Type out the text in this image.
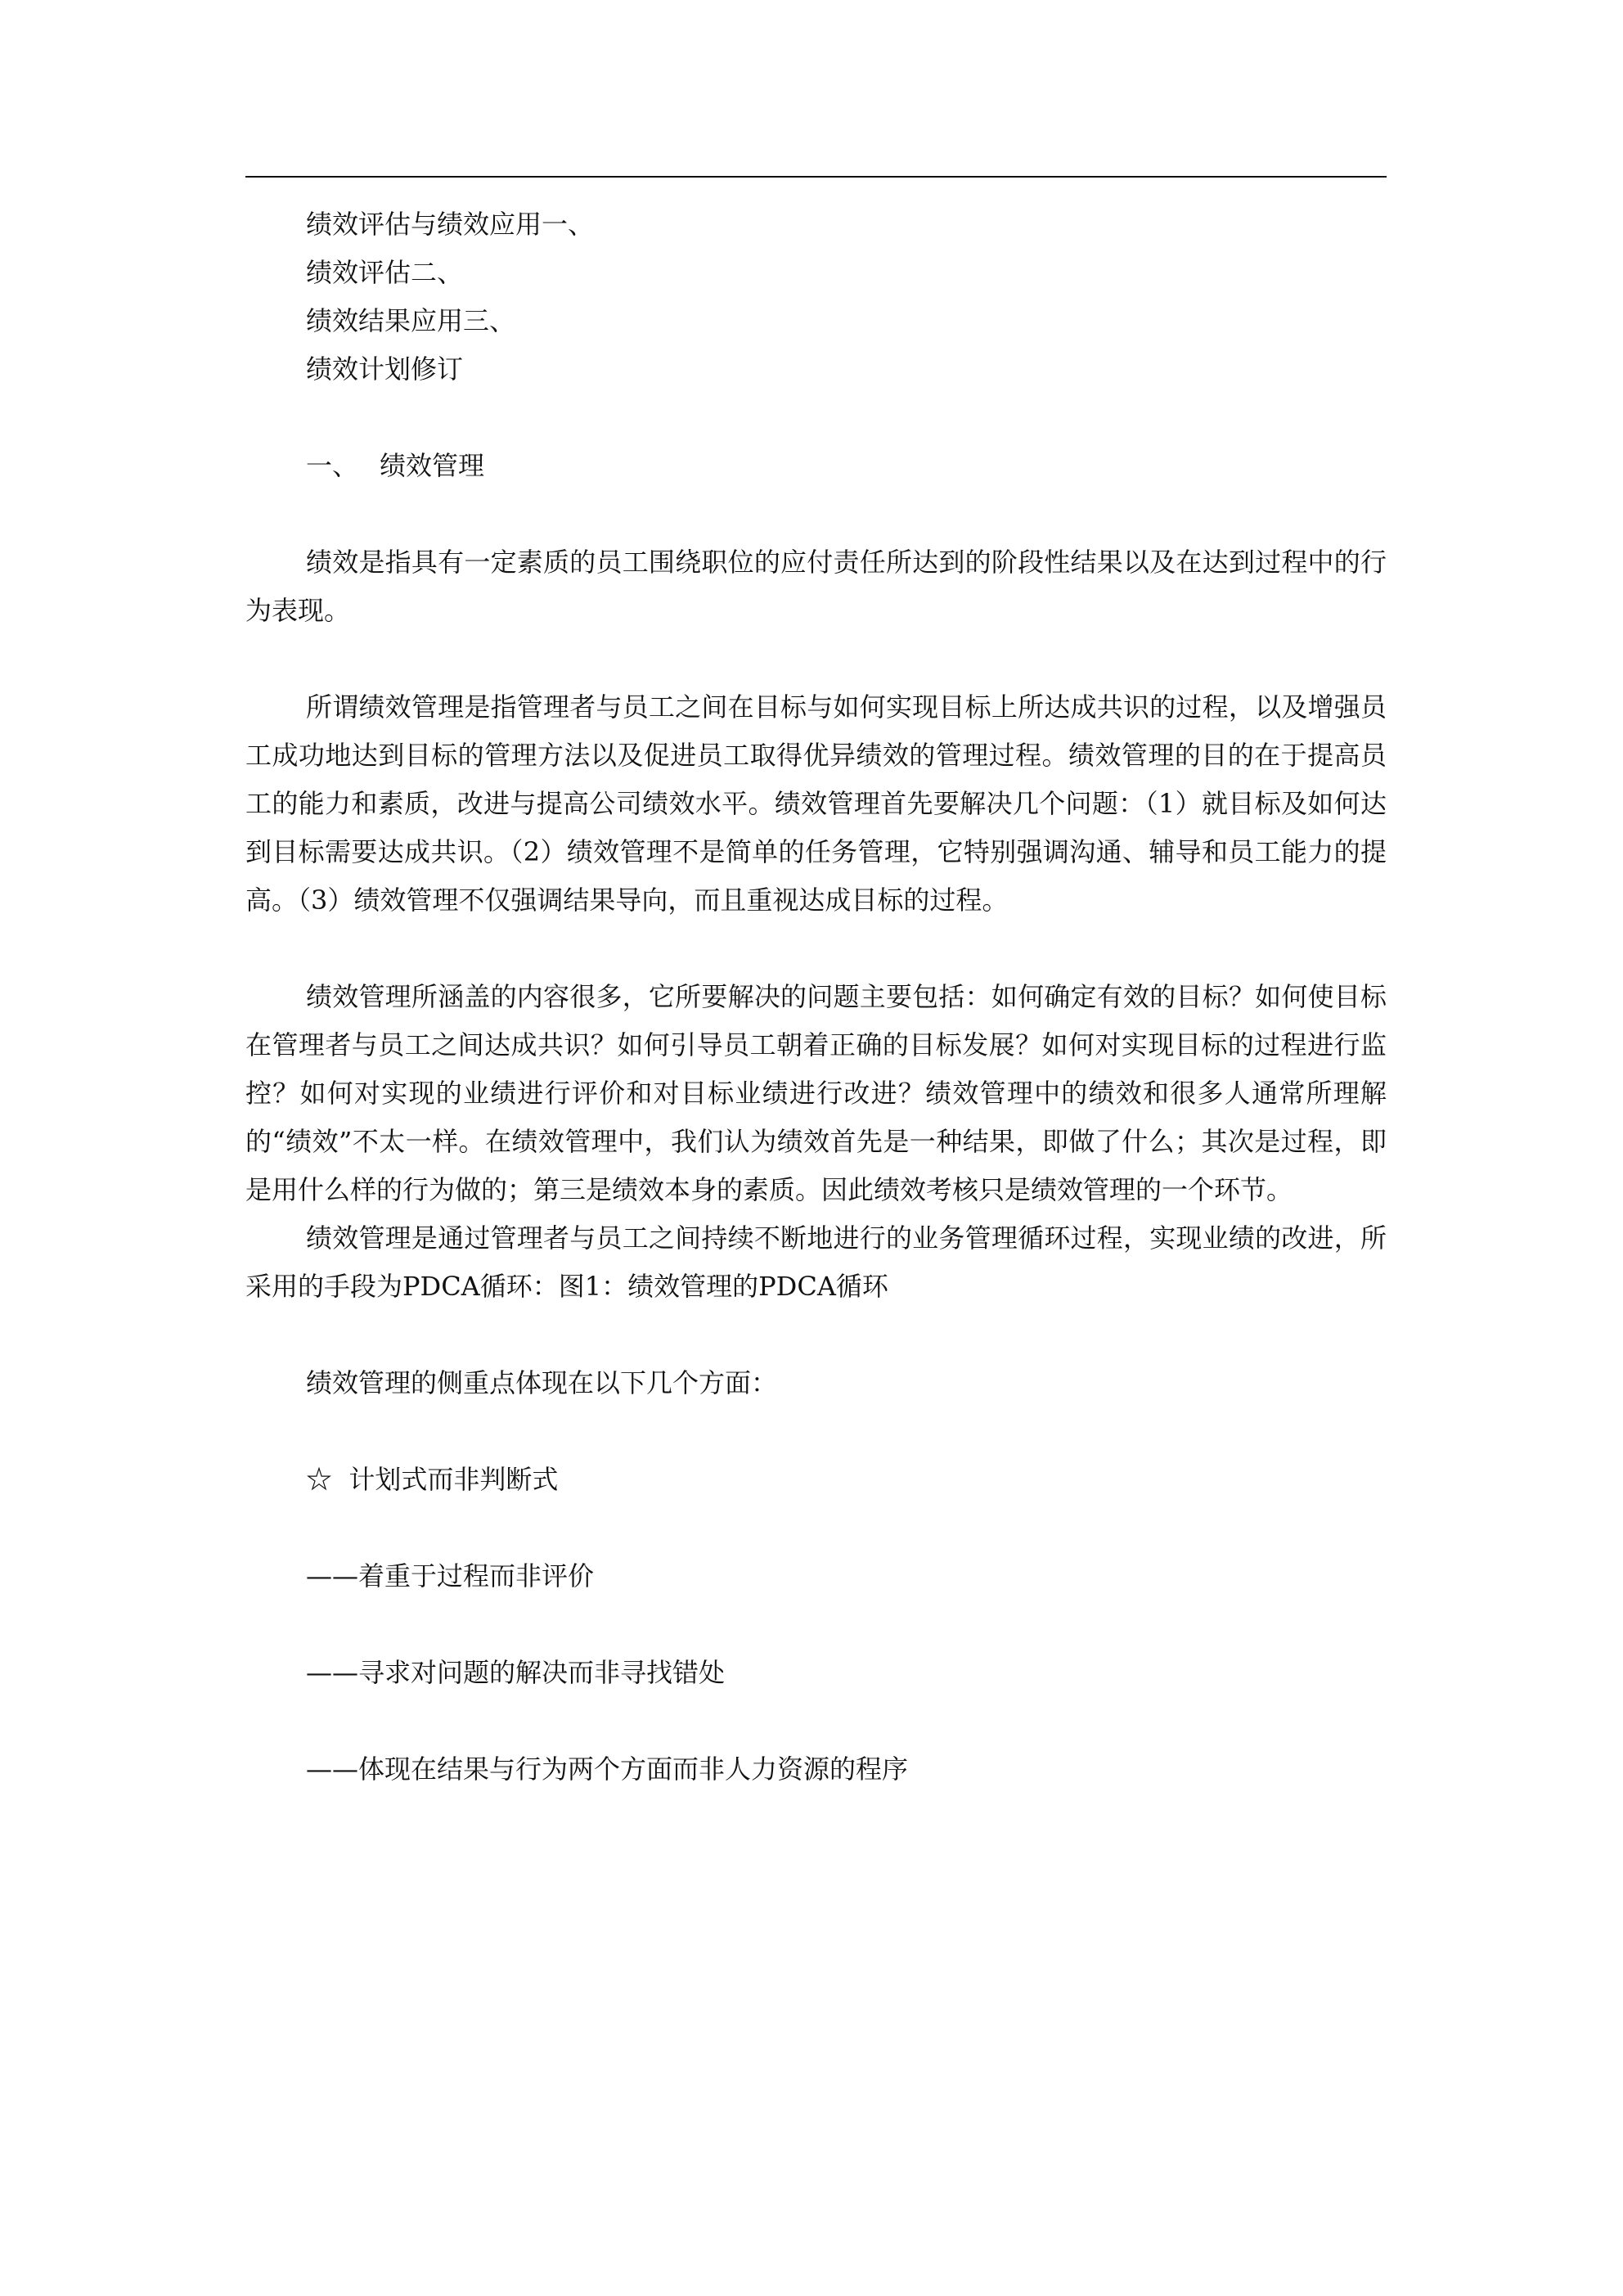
绩效评估与绩效应用一、

绩效评估二、

绩效结果应用三、

绩效计划修订

一、 绩效管理

绩效是指具有一定素质的员工围绕职位的应付责任所达到的阶段性结果以及在达到过程中的行为表现。

所谓绩效管理是指管理者与员工之间在目标与如何实现目标上所达成共识的过程，以及增强员工成功地达到目标的管理方法以及促进员工取得优异绩效的管理过程。绩效管理的目的在于提高员工的能力和素质，改进与提高公司绩效水平。绩效管理首先要解决几个问题：（1）就目标及如何达到目标需要达成共识。（2）绩效管理不是简单的任务管理，它特别强调沟通、辅导和员工能力的提高。（3）绩效管理不仅强调结果导向，而且重视达成目标的过程。

绩效管理所涵盖的内容很多，它所要解决的问题主要包括：如何确定有效的目标？如何使目标在管理者与员工之间达成共识？如何引导员工朝着正确的目标发展？如何对实现目标的过程进行监控？如何对实现的业绩进行评价和对目标业绩进行改进？绩效管理中的绩效和很多人通常所理解的“绩效”不太一样。在绩效管理中，我们认为绩效首先是一种结果，即做了什么；其次是过程，即是用什么样的行为做的；第三是绩效本身的素质。因此绩效考核只是绩效管理的一个环节。

绩效管理是通过管理者与员工之间持续不断地进行的业务管理循环过程，实现业绩的改进，所采用的手段为PDCA循环：图1：绩效管理的PDCA循环

绩效管理的侧重点体现在以下几个方面：

☆ 计划式而非判断式

——着重于过程而非评价

——寻求对问题的解决而非寻找错处

——体现在结果与行为两个方面而非人力资源的程序
